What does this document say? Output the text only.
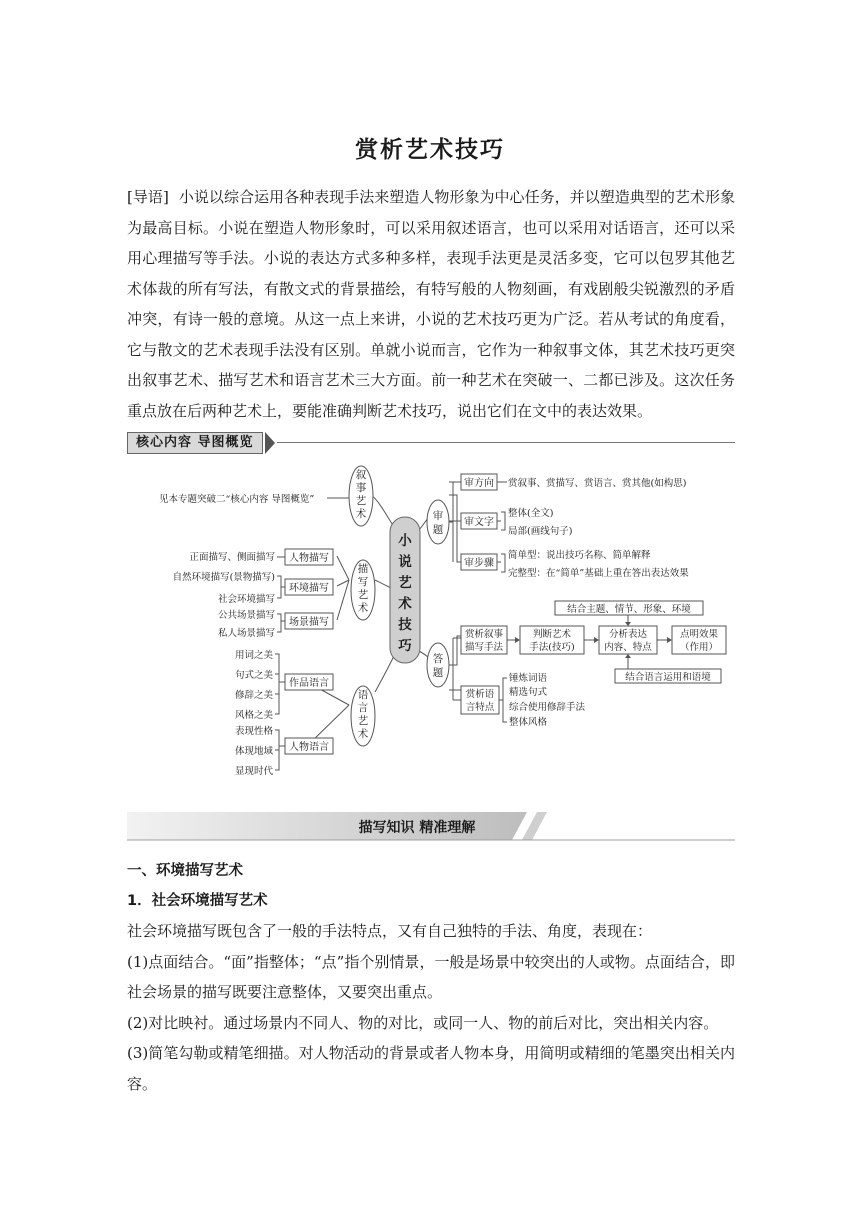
赏析艺术技巧

[导语] 小说以综合运用各种表现手法来塑造人物形象为中心任务，并以塑造典型的艺术形象为最高目标。小说在塑造人物形象时，可以采用叙述语言，也可以采用对话语言，还可以采用心理描写等手法。小说的表达方式多种多样，表现手法更是灵活多变，它可以包罗其他艺术体裁的所有写法，有散文式的背景描绘，有特写般的人物刻画，有戏剧般尖锐激烈的矛盾冲突，有诗一般的意境。从这一点上来讲，小说的艺术技巧更为广泛。若从考试的角度看，它与散文的艺术表现手法没有区别。单就小说而言，它作为一种叙事文体，其艺术技巧更突出叙事艺术、描写艺术和语言艺术三大方面。前一种艺术在突破一、二都已涉及。这次任务重点放在后两种艺术上，要能准确判断艺术技巧，说出它们在文中的表达效果。

核心内容 导图概览
小
说
艺
术
技
巧
叙
事
艺
术
见本专题突破二“核心内容 导图概览”
描
写
艺
术
人物描写
环境描写
场景描写
正面描写、侧面描写
自然环境描写(景物描写)
社会环境描写
公共场景描写
私人场景描写
语
言
艺
术
作品语言
人物语言
用词之美
句式之美
修辞之美
风格之美
表现性格
体现地域
显现时代
审
题
审方向
审文字
审步骤
赏叙事、赏描写、赏语言、赏其他(如构思)
整体(全文)
局部(画线句子)
简单型：说出技巧名称、简单解释
完整型：在“简单”基础上重在答出表达效果
答
题
赏析叙事
描写手法
赏析语
言特点
结合主题、情节、形象、环境
判断艺术
手法(技巧)
分析表达
内容、特点
点明效果
（作用）
结合语言运用和语境
锤炼词语
精选句式
综合使用修辞手法
整体风格
描写知识 精准理解
一、环境描写艺术
1．社会环境描写艺术

社会环境描写既包含了一般的手法特点，又有自己独特的手法、角度，表现在：

(1)点面结合。“面”指整体；“点”指个别情景，一般是场景中较突出的人或物。点面结合，即社会场景的描写既要注意整体，又要突出重点。

(2)对比映衬。通过场景内不同人、物的对比，或同一人、物的前后对比，突出相关内容。

(3)简笔勾勒或精笔细描。对人物活动的背景或者人物本身，用简明或精细的笔墨突出相关内容。
